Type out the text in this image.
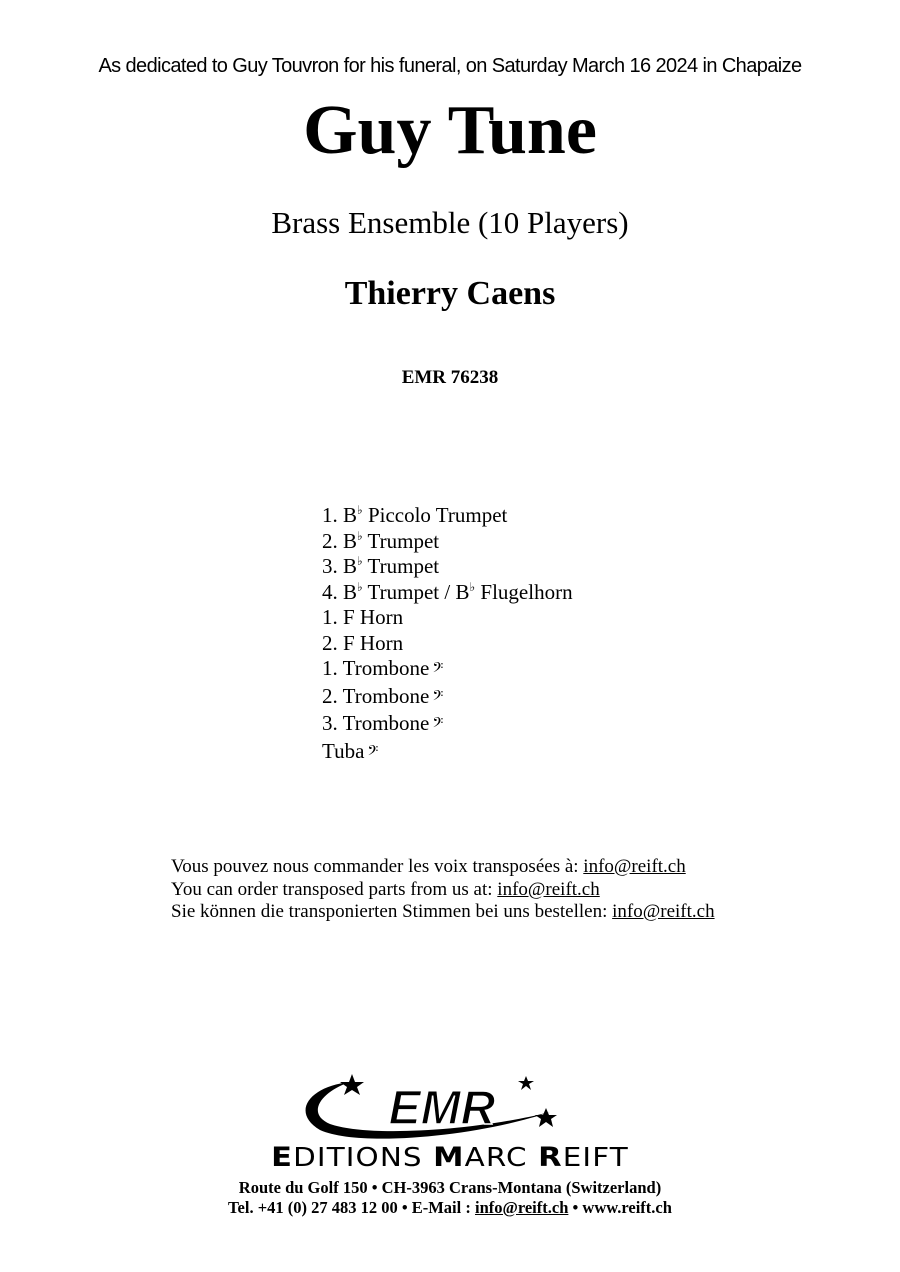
As dedicated to Guy Touvron for his funeral, on Saturday March 16 2024 in Chapaize
Guy Tune
Brass Ensemble (10 Players)
Thierry Caens
EMR 76238
1. B♭ Piccolo Trumpet
2. B♭ Trumpet
3. B♭ Trumpet
4. B♭ Trumpet / B♭ Flugelhorn
1. F Horn
2. F Horn
1. Trombone 𝄢
2. Trombone 𝄢
3. Trombone 𝄢
Tuba 𝄢
Vous pouvez nous commander les voix transposées à: info@reift.ch
You can order transposed parts from us at: info@reift.ch
Sie können die transponierten Stimmen bei uns bestellen: info@reift.ch
EMR
EDITIONS MARC REIFT
Route du Golf 150 • CH-3963 Crans-Montana (Switzerland)
Tel. +41 (0) 27 483 12 00 • E-Mail : info@reift.ch • www.reift.ch
